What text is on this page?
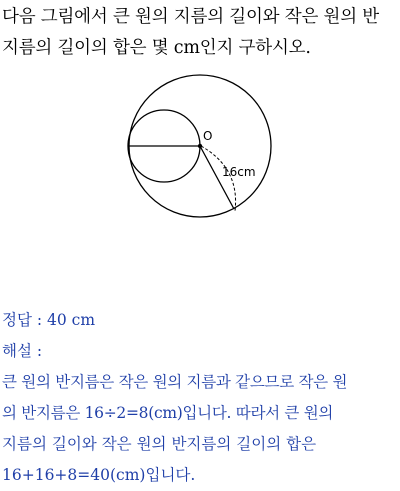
다음 그림에서 큰 원의 지름의 길이와 작은 원의 반
지름의 길이의 합은 몇 cm인지 구하시오.
O
16cm
정답 : 40 cm
해설 :
큰 원의 반지름은 작은 원의 지름과 같으므로 작은 원
의 반지름은 16÷2=8(cm)입니다. 따라서 큰 원의
지름의 길이와 작은 원의 반지름의 길이의 합은
16+16+8=40(cm)입니다.
